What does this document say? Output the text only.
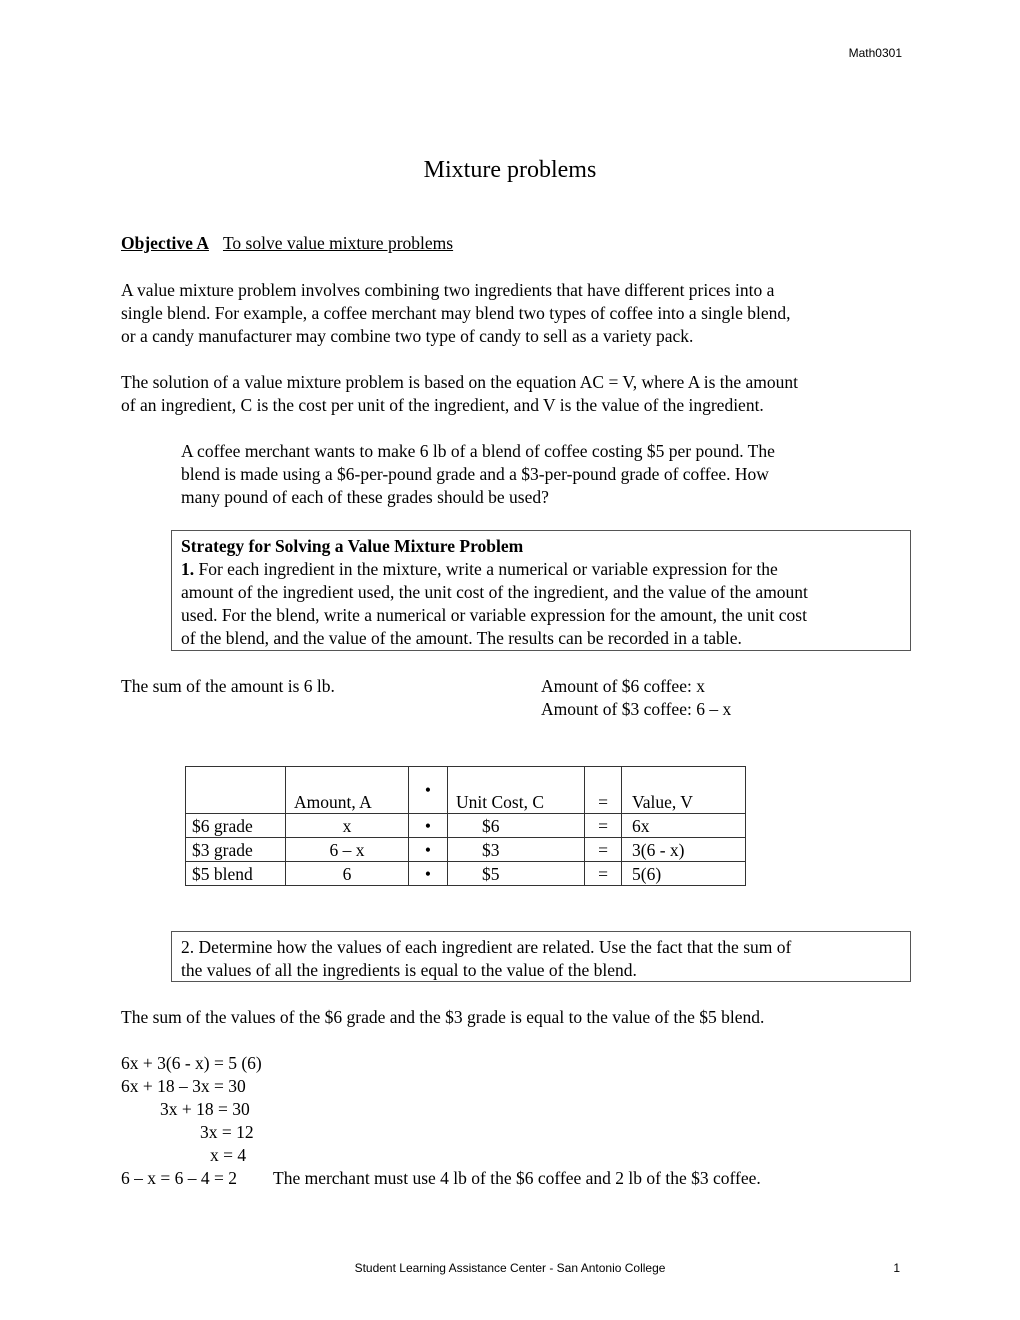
Math0301
Mixture problems
Objective A To solve value mixture problems
A value mixture problem involves combining two ingredients that have different prices into a
single blend. For example, a coffee merchant may blend two types of coffee into a single blend,
or a candy manufacturer may combine two type of candy to sell as a variety pack.
The solution of a value mixture problem is based on the equation AC = V, where A is the amount
of an ingredient, C is the cost per unit of the ingredient, and V is the value of the ingredient.
A coffee merchant wants to make 6 lb of a blend of coffee costing $5 per pound. The
blend is made using a $6-per-pound grade and a $3-per-pound grade of coffee. How
many pound of each of these grades should be used?
Strategy for Solving a Value Mixture Problem
1. For each ingredient in the mixture, write a numerical or variable expression for the
amount of the ingredient used, the unit cost of the ingredient, and the value of the amount
used. For the blend, write a numerical or variable expression for the amount, the unit cost
of the blend, and the value of the amount. The results can be recorded in a table.
The sum of the amount is 6 lb.	Amount of $6 coffee: x
Amount of $3 coffee: 6 – x
	Amount, A	•	Unit Cost, C	=	Value, V
$6 grade	x	•	$6	=	6x
$3 grade	6 – x	•	$3	=	3(6 - x)
$5 blend	6	•	$5	=	5(6)
2. Determine how the values of each ingredient are related. Use the fact that the sum of
the values of all the ingredients is equal to the value of the blend.
The sum of the values of the $6 grade and the $3 grade is equal to the value of the $5 blend.
6x + 3(6 - x) = 5 (6)
6x + 18 – 3x = 30
3x + 18 = 30
3x = 12
x = 4
6 – x = 6 – 4 = 2 The merchant must use 4 lb of the $6 coffee and 2 lb of the $3 coffee.
Student Learning Assistance Center - San Antonio College	1
